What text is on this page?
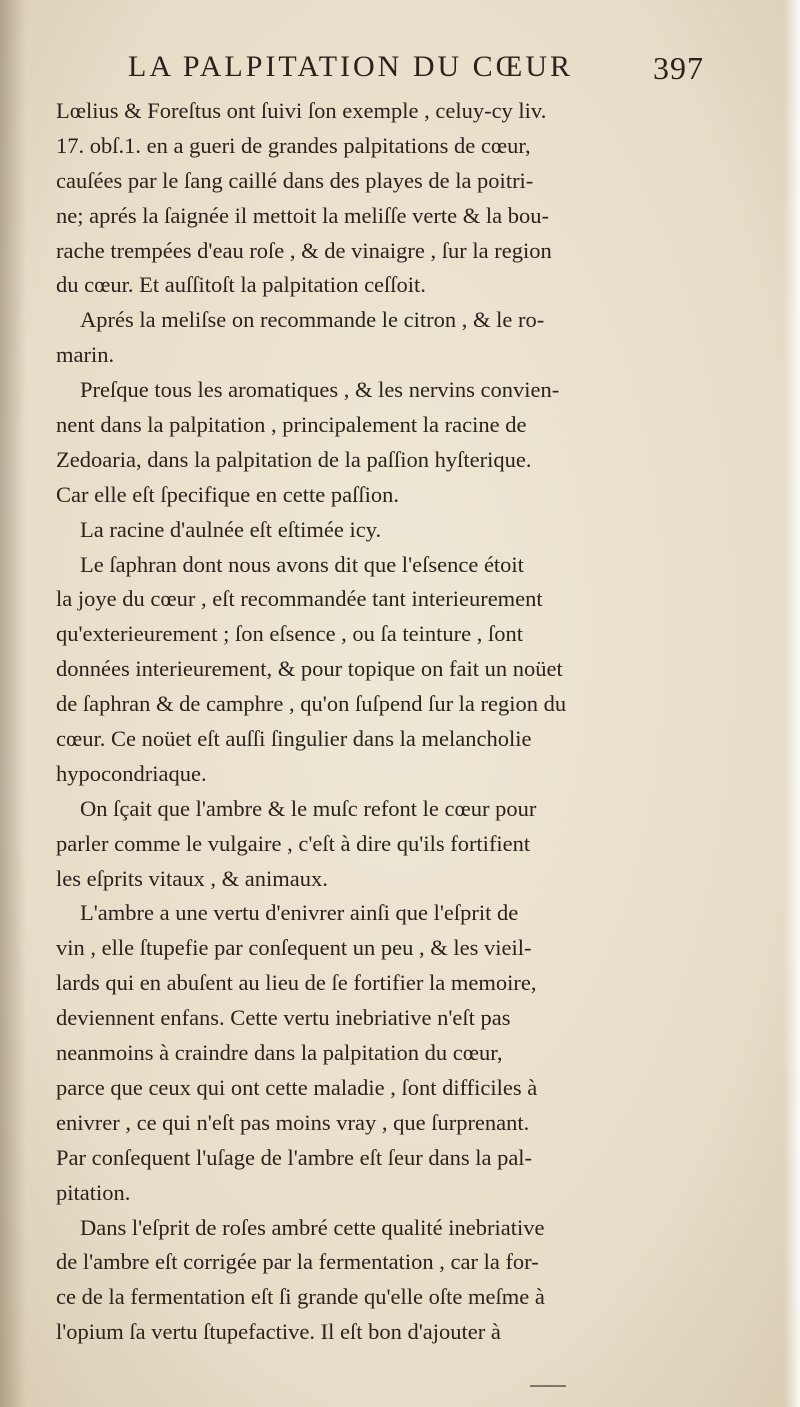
LA PALPITATION DU CŒUR 397
Lœlius & Foreſtus ont ſuivi ſon exemple , celuy-cy liv.
17. obſ.1. en a gueri de grandes palpitations de cœur,
cauſées par le ſang caillé dans des playes de la poitri-
ne; aprés la ſaignée il mettoit la meliſſe verte & la bou-
rache trempées d'eau roſe , & de vinaigre , ſur la region
du cœur. Et auſſitoſt la palpitation ceſſoit.
Aprés la meliſse on recommande le citron , & le ro-
marin.
Preſque tous les aromatiques , & les nervins convien-
nent dans la palpitation , principalement la racine de
Zedoaria, dans la palpitation de la paſſion hyſterique.
Car elle eſt ſpecifique en cette paſſion.
La racine d'aulnée eſt eſtimée icy.
Le ſaphran dont nous avons dit que l'eſsence étoit
la joye du cœur , eſt recommandée tant interieurement
qu'exterieurement ; ſon eſsence , ou ſa teinture , ſont
données interieurement, & pour topique on fait un noüet
de ſaphran & de camphre , qu'on ſuſpend ſur la region du
cœur. Ce noüet eſt auſſi ſingulier dans la melancholie
hypocondriaque.
On ſçait que l'ambre & le muſc refont le cœur pour
parler comme le vulgaire , c'eſt à dire qu'ils fortifient
les eſprits vitaux , & animaux.
L'ambre a une vertu d'enivrer ainſi que l'eſprit de
vin , elle ſtupefie par conſequent un peu , & les vieil-
lards qui en abuſent au lieu de ſe fortifier la memoire,
deviennent enfans. Cette vertu inebriative n'eſt pas
neanmoins à craindre dans la palpitation du cœur,
parce que ceux qui ont cette maladie , ſont difficiles à
enivrer , ce qui n'eſt pas moins vray , que ſurprenant.
Par conſequent l'uſage de l'ambre eſt ſeur dans la pal-
pitation.
Dans l'eſprit de roſes ambré cette qualité inebriative
de l'ambre eſt corrigée par la fermentation , car la for-
ce de la fermentation eſt ſi grande qu'elle oſte meſme à
l'opium ſa vertu ſtupefactive. Il eſt bon d'ajouter à
